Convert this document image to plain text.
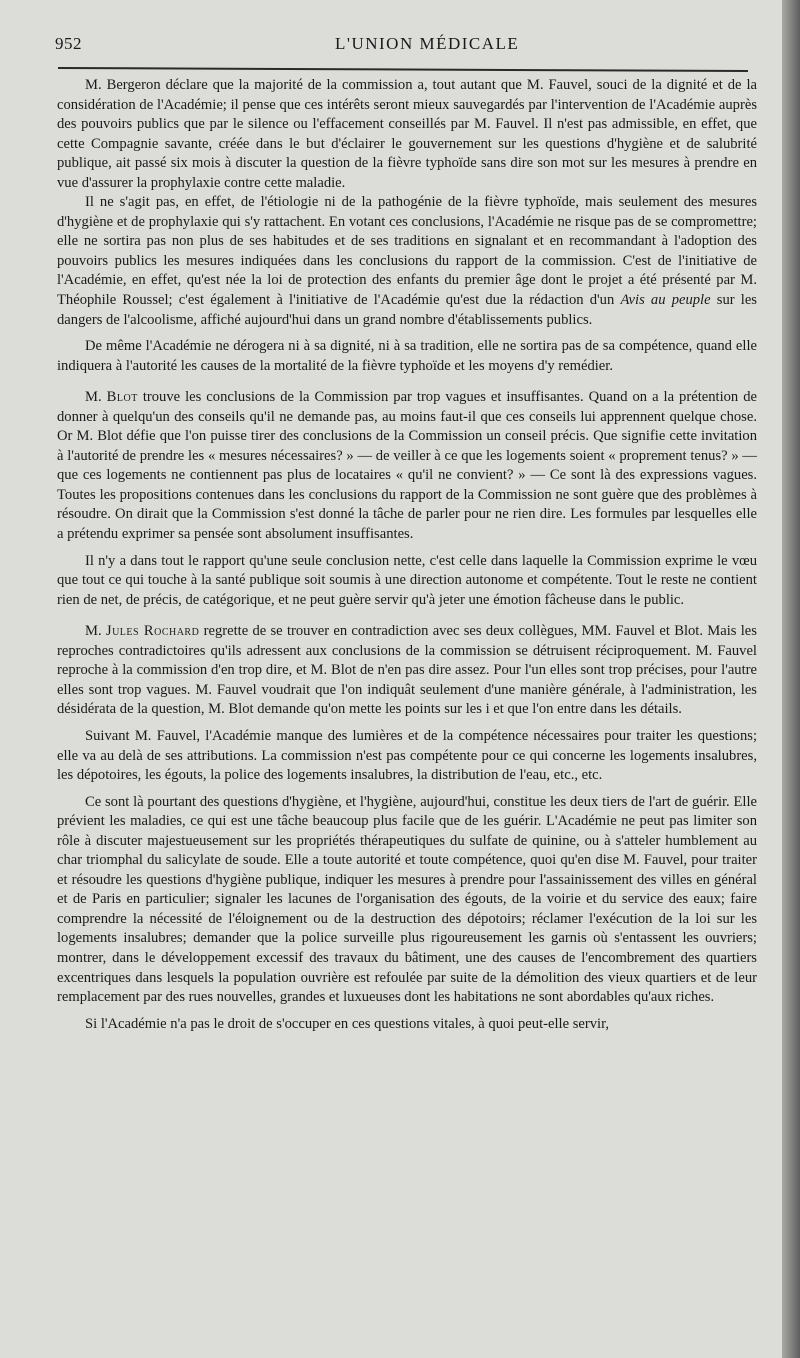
952	L'UNION MÉDICALE

M. Bergeron déclare que la majorité de la commission a, tout autant que M. Fauvel, souci de la dignité et de la considération de l'Académie; il pense que ces intérêts seront mieux sauvegardés par l'intervention de l'Académie auprès des pouvoirs publics que par le silence ou l'effacement conseillés par M. Fauvel. Il n'est pas admissible, en effet, que cette Compagnie savante, créée dans le but d'éclairer le gouvernement sur les questions d'hygiène et de salubrité publique, ait passé six mois à discuter la question de la fièvre typhoïde sans dire son mot sur les mesures à prendre en vue d'assurer la prophylaxie contre cette maladie.

Il ne s'agit pas, en effet, de l'étiologie ni de la pathogénie de la fièvre typhoïde, mais seulement des mesures d'hygiène et de prophylaxie qui s'y rattachent. En votant ces conclusions, l'Académie ne risque pas de se compromettre; elle ne sortira pas non plus de ses habitudes et de ses traditions en signalant et en recommandant à l'adoption des pouvoirs publics les mesures indiquées dans les conclusions du rapport de la commission. C'est de l'initiative de l'Académie, en effet, qu'est née la loi de protection des enfants du premier âge dont le projet a été présenté par M. Théophile Roussel; c'est également à l'initiative de l'Académie qu'est due la rédaction d'un Avis au peuple sur les dangers de l'alcoolisme, affiché aujourd'hui dans un grand nombre d'établissements publics.

De même l'Académie ne dérogera ni à sa dignité, ni à sa tradition, elle ne sortira pas de sa compétence, quand elle indiquera à l'autorité les causes de la mortalité de la fièvre typhoïde et les moyens d'y remédier.

M. Blot trouve les conclusions de la Commission par trop vagues et insuffisantes. Quand on a la prétention de donner à quelqu'un des conseils qu'il ne demande pas, au moins faut-il que ces conseils lui apprennent quelque chose. Or M. Blot défie que l'on puisse tirer des conclusions de la Commission un conseil précis. Que signifie cette invitation à l'autorité de prendre les « mesures nécessaires? » — de veiller à ce que les logements soient « proprement tenus? » — que ces logements ne contiennent pas plus de locataires « qu'il ne convient? » — Ce sont là des expressions vagues. Toutes les propositions contenues dans les conclusions du rapport de la Commission ne sont guère que des problèmes à résoudre. On dirait que la Commission s'est donné la tâche de parler pour ne rien dire. Les formules par lesquelles elle a prétendu exprimer sa pensée sont absolument insuffisantes.

Il n'y a dans tout le rapport qu'une seule conclusion nette, c'est celle dans laquelle la Commission exprime le vœu que tout ce qui touche à la santé publique soit soumis à une direction autonome et compétente. Tout le reste ne contient rien de net, de précis, de catégorique, et ne peut guère servir qu'à jeter une émotion fâcheuse dans le public.

M. Jules Rochard regrette de se trouver en contradiction avec ses deux collègues, MM. Fauvel et Blot. Mais les reproches contradictoires qu'ils adressent aux conclusions de la commission se détruisent réciproquement. M. Fauvel reproche à la commission d'en trop dire, et M. Blot de n'en pas dire assez. Pour l'un elles sont trop précises, pour l'autre elles sont trop vagues. M. Fauvel voudrait que l'on indiquât seulement d'une manière générale, à l'administration, les désidérata de la question, M. Blot demande qu'on mette les points sur les i et que l'on entre dans les détails.

Suivant M. Fauvel, l'Académie manque des lumières et de la compétence nécessaires pour traiter les questions; elle va au delà de ses attributions. La commission n'est pas compétente pour ce qui concerne les logements insalubres, les dépotoires, les égouts, la police des logements insalubres, la distribution de l'eau, etc., etc.

Ce sont là pourtant des questions d'hygiène, et l'hygiène, aujourd'hui, constitue les deux tiers de l'art de guérir. Elle prévient les maladies, ce qui est une tâche beaucoup plus facile que de les guérir. L'Académie ne peut pas limiter son rôle à discuter majestueusement sur les propriétés thérapeutiques du sulfate de quinine, ou à s'atteler humblement au char triomphal du salicylate de soude. Elle a toute autorité et toute compétence, quoi qu'en dise M. Fauvel, pour traiter et résoudre les questions d'hygiène publique, indiquer les mesures à prendre pour l'assainissement des villes en général et de Paris en particulier; signaler les lacunes de l'organisation des égouts, de la voirie et du service des eaux; faire comprendre la nécessité de l'éloignement ou de la destruction des dépotoirs; réclamer l'exécution de la loi sur les logements insalubres; demander que la police surveille plus rigoureusement les garnis où s'entassent les ouvriers; montrer, dans le développement excessif des travaux du bâtiment, une des causes de l'encombrement des quartiers excentriques dans lesquels la population ouvrière est refoulée par suite de la démolition des vieux quartiers et de leur remplacement par des rues nouvelles, grandes et luxueuses dont les habitations ne sont abordables qu'aux riches.

Si l'Académie n'a pas le droit de s'occuper en ces questions vitales, à quoi peut-elle servir,
